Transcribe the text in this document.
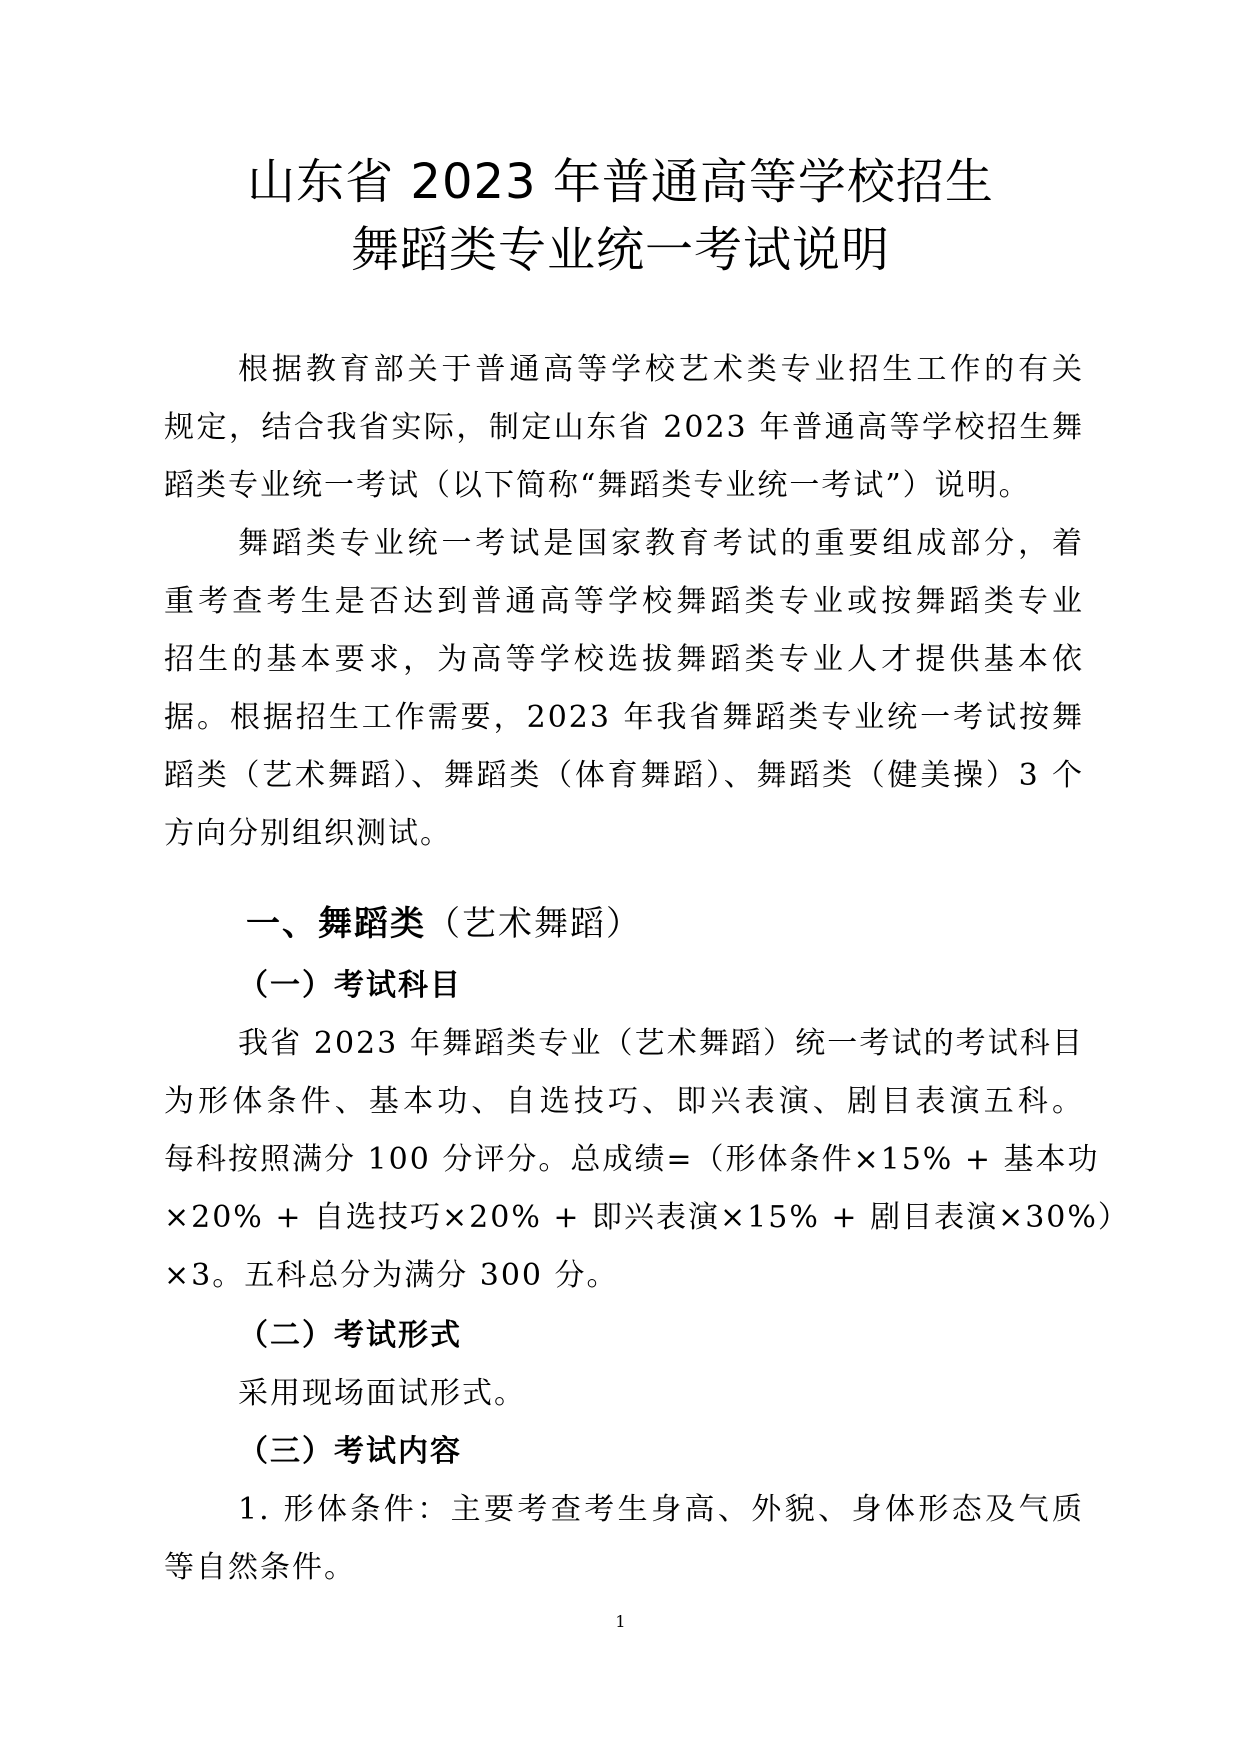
山东省 2023 年普通高等学校招生
舞蹈类专业统一考试说明
根据教育部关于普通高等学校艺术类专业招生工作的有关
规定，结合我省实际，制定山东省 2023 年普通高等学校招生舞
蹈类专业统一考试（以下简称“舞蹈类专业统一考试”）说明。
舞蹈类专业统一考试是国家教育考试的重要组成部分，着
重考查考生是否达到普通高等学校舞蹈类专业或按舞蹈类专业
招生的基本要求，为高等学校选拔舞蹈类专业人才提供基本依
据。根据招生工作需要，2023 年我省舞蹈类专业统一考试按舞
蹈类（艺术舞蹈）、舞蹈类（体育舞蹈）、舞蹈类（健美操）3 个
方向分别组织测试。
一、舞蹈类（艺术舞蹈）
（一）考试科目
我省 2023 年舞蹈类专业（艺术舞蹈）统一考试的考试科目
为形体条件、基本功、自选技巧、即兴表演、剧目表演五科。
每科按照满分 100 分评分。总成绩=（形体条件×15% + 基本功
×20% + 自选技巧×20% + 即兴表演×15% + 剧目表演×30%）
×3。五科总分为满分 300 分。
（二）考试形式
采用现场面试形式。
（三）考试内容
1. 形体条件：主要考查考生身高、外貌、身体形态及气质
等自然条件。
1
